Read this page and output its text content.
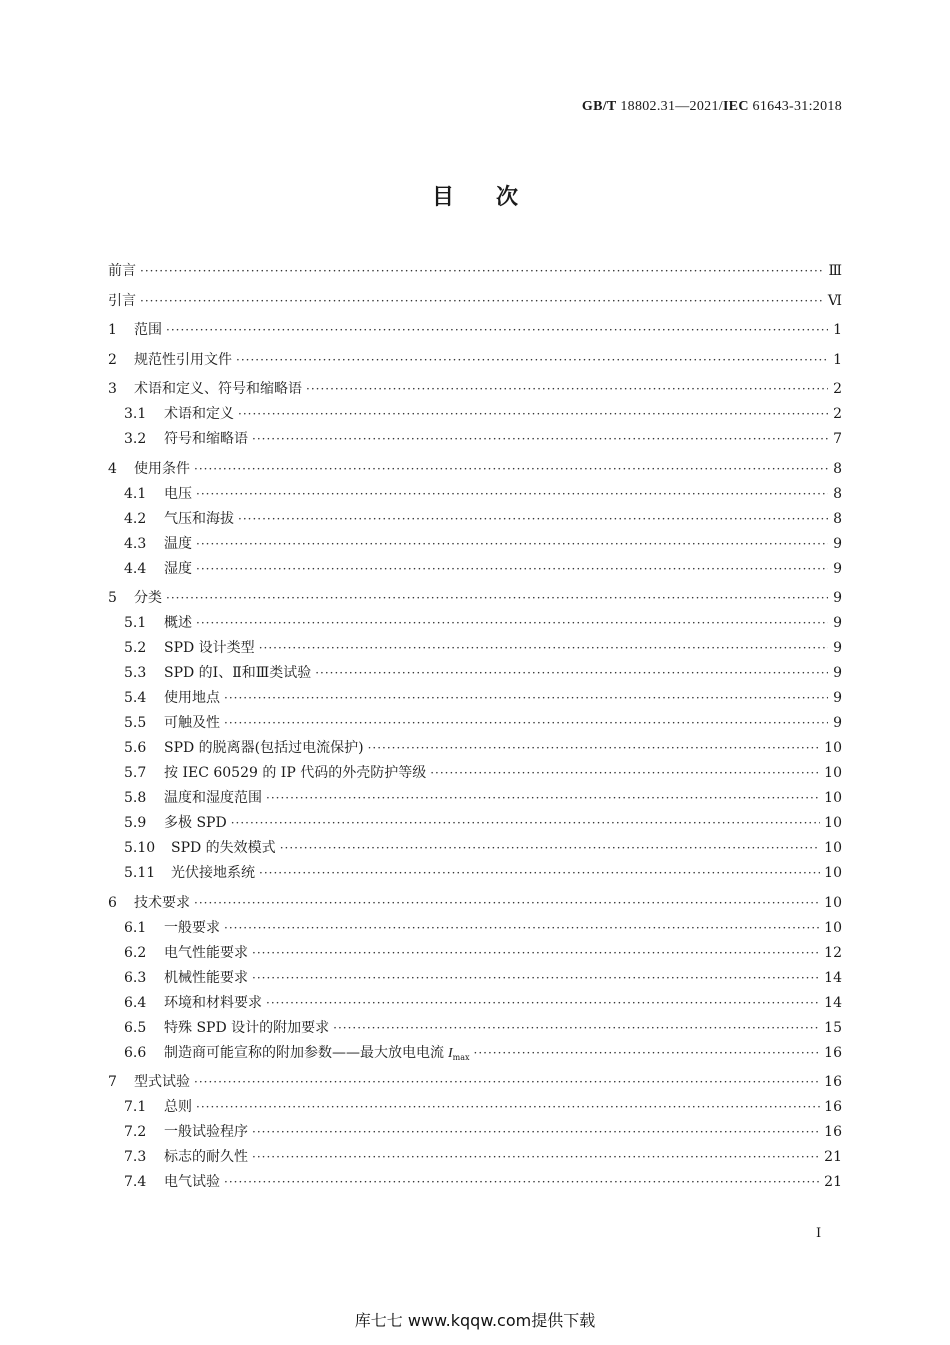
GB/T 18802.31—2021/IEC 61643-31:2018
目次
前言 ·····	Ⅲ
引言 ·····	Ⅵ
1	范围 ·····	1
2	规范性引用文件 ·····	1
3	术语和定义、符号和缩略语 ·····	2
3.1	术语和定义 ·····	2
3.2	符号和缩略语 ·····	7
4	使用条件 ·····	8
4.1	电压 ·····	8
4.2	气压和海拔 ·····	8
4.3	温度 ·····	9
4.4	湿度 ·····	9
5	分类 ·····	9
5.1	概述 ·····	9
5.2	SPD 设计类型 ·····	9
5.3	SPD 的Ⅰ、Ⅱ和Ⅲ类试验 ·····	9
5.4	使用地点 ·····	9
5.5	可触及性 ·····	9
5.6	SPD 的脱离器(包括过电流保护) ·····	10
5.7	按 IEC 60529 的 IP 代码的外壳防护等级 ·····	10
5.8	温度和湿度范围 ·····	10
5.9	多极 SPD ·····	10
5.10	SPD 的失效模式 ·····	10
5.11	光伏接地系统 ·····	10
6	技术要求 ·····	10
6.1	一般要求 ·····	10
6.2	电气性能要求 ·····	12
6.3	机械性能要求 ·····	14
6.4	环境和材料要求 ·····	14
6.5	特殊 SPD 设计的附加要求 ·····	15
6.6	制造商可能宣称的附加参数——最大放电电流 $I_{max}$ ·····	16
7	型式试验 ·····	16
7.1	总则 ·····	16
7.2	一般试验程序 ·····	16
7.3	标志的耐久性 ·····	21
7.4	电气试验 ·····	21
I
库七七 www.kqqw.com提供下载
